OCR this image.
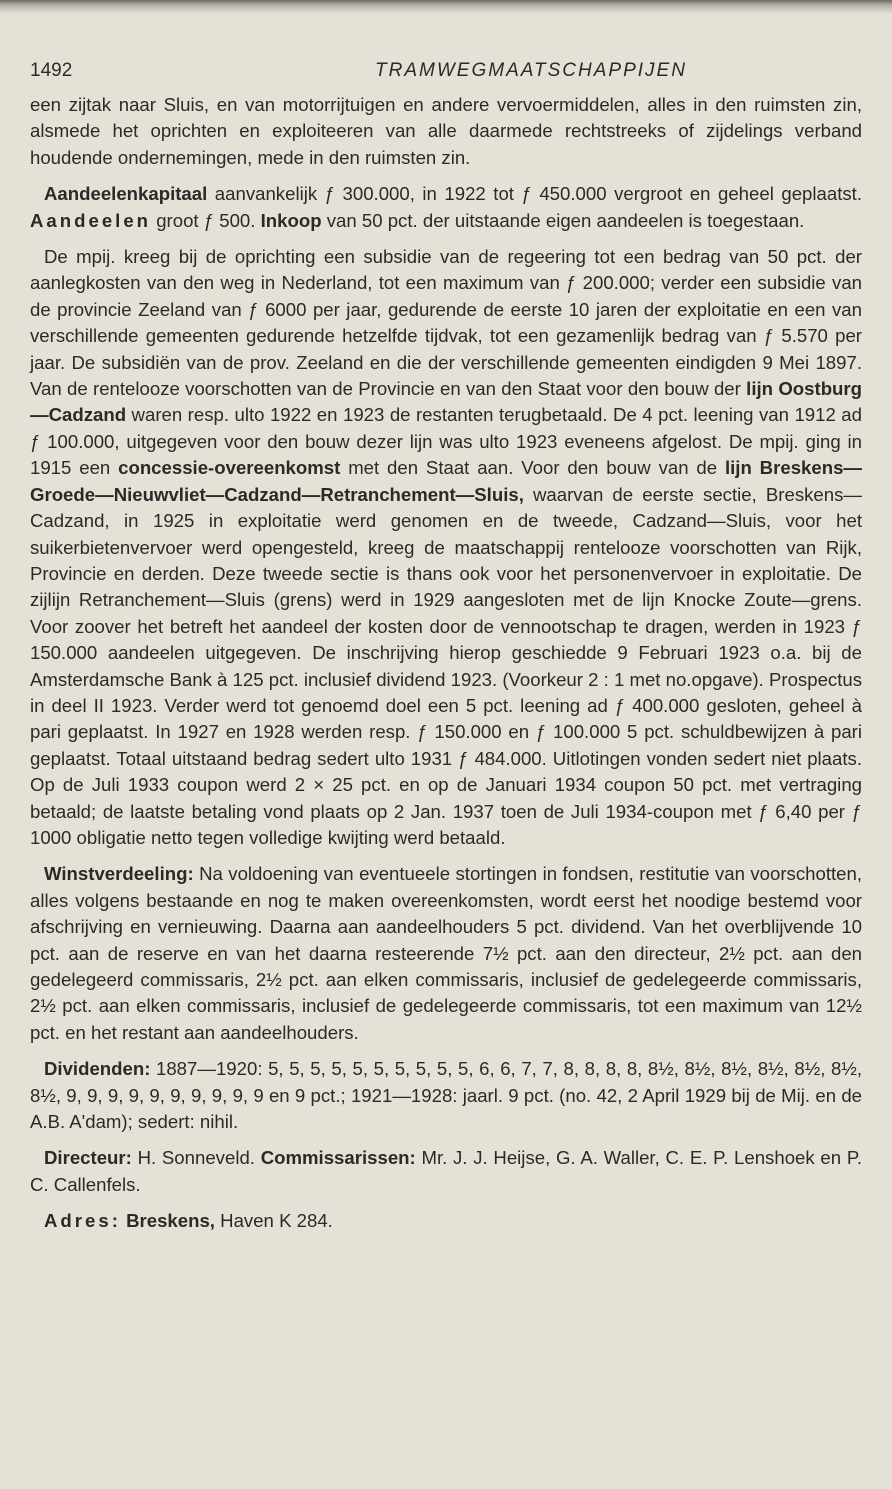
1492	TRAMWEGMAATSCHAPPIJEN

een zijtak naar Sluis, en van motorrijtuigen en andere vervoermiddelen, alles in den ruimsten zin, alsmede het oprichten en exploiteeren van alle daarmede rechtstreeks of zijdelings verband houdende ondernemingen, mede in den ruimsten zin.

Aandeelenkapitaal aanvankelijk ƒ 300.000, in 1922 tot ƒ 450.000 vergroot en geheel geplaatst. Aandeelen groot ƒ 500. Inkoop van 50 pct. der uitstaande eigen aandeelen is toegestaan.

De mpij. kreeg bij de oprichting een subsidie van de regeering tot een bedrag van 50 pct. der aanlegkosten van den weg in Nederland, tot een maximum van ƒ 200.000; verder een subsidie van de provincie Zeeland van ƒ 6000 per jaar, gedurende de eerste 10 jaren der exploitatie en een van verschillende gemeenten gedurende hetzelfde tijdvak, tot een gezamenlijk bedrag van ƒ 5.570 per jaar. De subsidiën van de prov. Zeeland en die der verschillende gemeenten eindigden 9 Mei 1897. Van de rentelooze voorschotten van de Provincie en van den Staat voor den bouw der lijn Oostburg—Cadzand waren resp. ulto 1922 en 1923 de restanten terugbetaald. De 4 pct. leening van 1912 ad ƒ 100.000, uitgegeven voor den bouw dezer lijn was ulto 1923 eveneens afgelost. De mpij. ging in 1915 een concessie-overeenkomst met den Staat aan. Voor den bouw van de lijn Breskens—Groede—Nieuwvliet—Cadzand—Retranchement—Sluis, waarvan de eerste sectie, Breskens—Cadzand, in 1925 in exploitatie werd genomen en de tweede, Cadzand—Sluis, voor het suikerbietenvervoer werd opengesteld, kreeg de maatschappij rentelooze voorschotten van Rijk, Provincie en derden. Deze tweede sectie is thans ook voor het personenvervoer in exploitatie. De zijlijn Retranchement—Sluis (grens) werd in 1929 aangesloten met de lijn Knocke Zoute—grens. Voor zoover het betreft het aandeel der kosten door de vennootschap te dragen, werden in 1923 ƒ 150.000 aandeelen uitgegeven. De inschrijving hierop geschiedde 9 Februari 1923 o.a. bij de Amsterdamsche Bank à 125 pct. inclusief dividend 1923. (Voorkeur 2 : 1 met no.opgave). Prospectus in deel II 1923. Verder werd tot genoemd doel een 5 pct. leening ad ƒ 400.000 gesloten, geheel à pari geplaatst. In 1927 en 1928 werden resp. ƒ 150.000 en ƒ 100.000 5 pct. schuldbewijzen à pari geplaatst. Totaal uitstaand bedrag sedert ulto 1931 ƒ 484.000. Uitlotingen vonden sedert niet plaats. Op de Juli 1933 coupon werd 2 × 25 pct. en op de Januari 1934 coupon 50 pct. met vertraging betaald; de laatste betaling vond plaats op 2 Jan. 1937 toen de Juli 1934-coupon met ƒ 6,40 per ƒ 1000 obligatie netto tegen volledige kwijting werd betaald.

Winstverdeeling: Na voldoening van eventueele stortingen in fondsen, restitutie van voorschotten, alles volgens bestaande en nog te maken overeenkomsten, wordt eerst het noodige bestemd voor afschrijving en vernieuwing. Daarna aan aandeelhouders 5 pct. dividend. Van het overblijvende 10 pct. aan de reserve en van het daarna resteerende 7½ pct. aan den directeur, 2½ pct. aan den gedelegeerd commissaris, 2½ pct. aan elken commissaris, inclusief de gedelegeerde commissaris, 2½ pct. aan elken commissaris, inclusief de gedelegeerde commissaris, tot een maximum van 12½ pct. en het restant aan aandeelhouders.

Dividenden: 1887—1920: 5, 5, 5, 5, 5, 5, 5, 5, 5, 5, 6, 6, 7, 7, 8, 8, 8, 8, 8½, 8½, 8½, 8½, 8½, 8½, 8½, 9, 9, 9, 9, 9, 9, 9, 9, 9, 9 en 9 pct.; 1921—1928: jaarl. 9 pct. (no. 42, 2 April 1929 bij de Mij. en de A.B. A'dam); sedert: nihil.

Directeur: H. Sonneveld. Commissarissen: Mr. J. J. Heijse, G. A. Waller, C. E. P. Lenshoek en P. C. Callenfels.

Adres: Breskens, Haven K 284.
